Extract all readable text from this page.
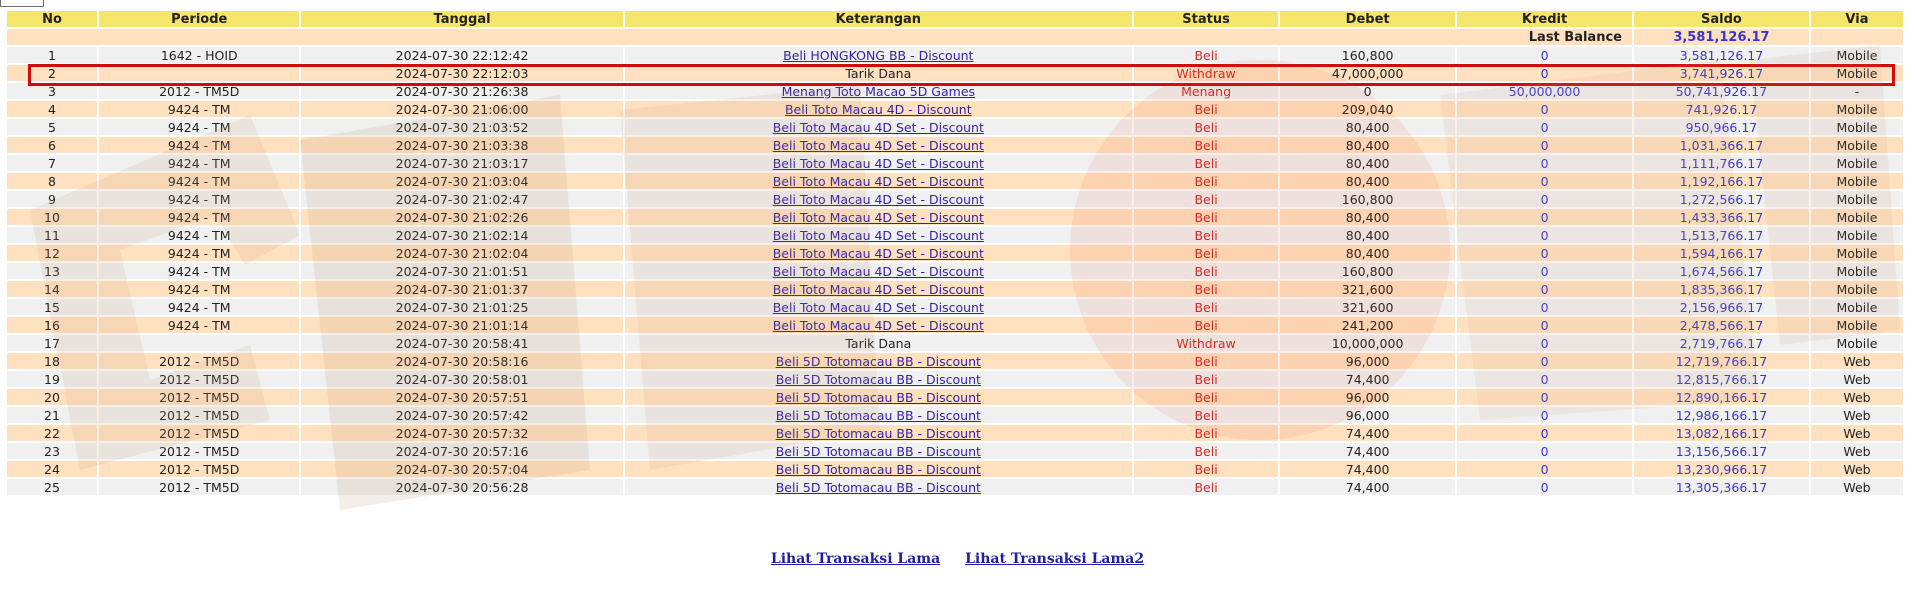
No	Periode	Tanggal	Keterangan	Status	Debet	Kredit	Saldo	Via
Last Balance							3,581,126.17	
1	1642 - HOID	2024-07-30 22:12:42	Beli HONGKONG BB - Discount	Beli	160,800	0	3,581,126.17	Mobile
2		2024-07-30 22:12:03	Tarik Dana	Withdraw	47,000,000	0	3,741,926.17	Mobile
3	2012 - TM5D	2024-07-30 21:26:38	Menang Toto Macao 5D Games	Menang	0	50,000,000	50,741,926.17	-
4	9424 - TM	2024-07-30 21:06:00	Beli Toto Macau 4D - Discount	Beli	209,040	0	741,926.17	Mobile
5	9424 - TM	2024-07-30 21:03:52	Beli Toto Macau 4D Set - Discount	Beli	80,400	0	950,966.17	Mobile
6	9424 - TM	2024-07-30 21:03:38	Beli Toto Macau 4D Set - Discount	Beli	80,400	0	1,031,366.17	Mobile
7	9424 - TM	2024-07-30 21:03:17	Beli Toto Macau 4D Set - Discount	Beli	80,400	0	1,111,766.17	Mobile
8	9424 - TM	2024-07-30 21:03:04	Beli Toto Macau 4D Set - Discount	Beli	80,400	0	1,192,166.17	Mobile
9	9424 - TM	2024-07-30 21:02:47	Beli Toto Macau 4D Set - Discount	Beli	160,800	0	1,272,566.17	Mobile
10	9424 - TM	2024-07-30 21:02:26	Beli Toto Macau 4D Set - Discount	Beli	80,400	0	1,433,366.17	Mobile
11	9424 - TM	2024-07-30 21:02:14	Beli Toto Macau 4D Set - Discount	Beli	80,400	0	1,513,766.17	Mobile
12	9424 - TM	2024-07-30 21:02:04	Beli Toto Macau 4D Set - Discount	Beli	80,400	0	1,594,166.17	Mobile
13	9424 - TM	2024-07-30 21:01:51	Beli Toto Macau 4D Set - Discount	Beli	160,800	0	1,674,566.17	Mobile
14	9424 - TM	2024-07-30 21:01:37	Beli Toto Macau 4D Set - Discount	Beli	321,600	0	1,835,366.17	Mobile
15	9424 - TM	2024-07-30 21:01:25	Beli Toto Macau 4D Set - Discount	Beli	321,600	0	2,156,966.17	Mobile
16	9424 - TM	2024-07-30 21:01:14	Beli Toto Macau 4D Set - Discount	Beli	241,200	0	2,478,566.17	Mobile
17		2024-07-30 20:58:41	Tarik Dana	Withdraw	10,000,000	0	2,719,766.17	Mobile
18	2012 - TM5D	2024-07-30 20:58:16	Beli 5D Totomacau BB - Discount	Beli	96,000	0	12,719,766.17	Web
19	2012 - TM5D	2024-07-30 20:58:01	Beli 5D Totomacau BB - Discount	Beli	74,400	0	12,815,766.17	Web
20	2012 - TM5D	2024-07-30 20:57:51	Beli 5D Totomacau BB - Discount	Beli	96,000	0	12,890,166.17	Web
21	2012 - TM5D	2024-07-30 20:57:42	Beli 5D Totomacau BB - Discount	Beli	96,000	0	12,986,166.17	Web
22	2012 - TM5D	2024-07-30 20:57:32	Beli 5D Totomacau BB - Discount	Beli	74,400	0	13,082,166.17	Web
23	2012 - TM5D	2024-07-30 20:57:16	Beli 5D Totomacau BB - Discount	Beli	74,400	0	13,156,566.17	Web
24	2012 - TM5D	2024-07-30 20:57:04	Beli 5D Totomacau BB - Discount	Beli	74,400	0	13,230,966.17	Web
25	2012 - TM5D	2024-07-30 20:56:28	Beli 5D Totomacau BB - Discount	Beli	74,400	0	13,305,366.17	Web
Lihat Transaksi Lama Lihat Transaksi Lama2
